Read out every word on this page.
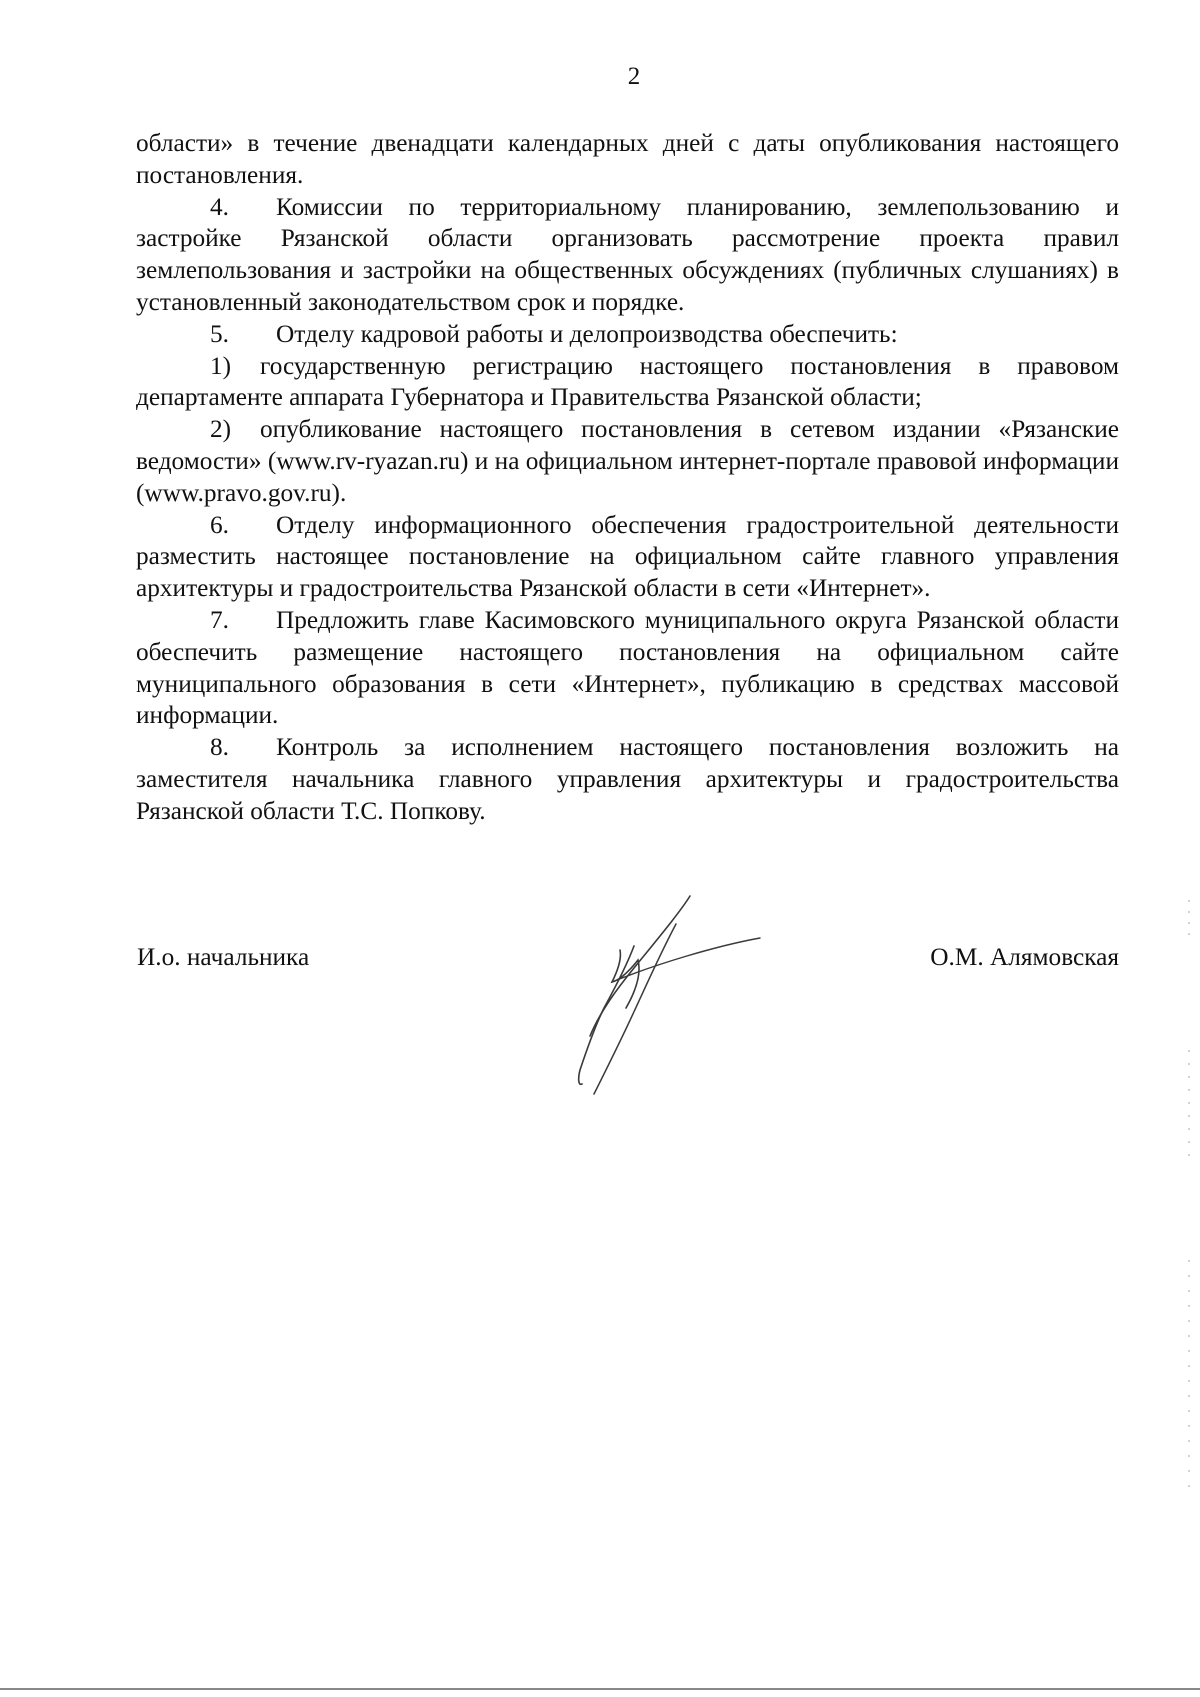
2

области» в течение двенадцати календарных дней с даты опубликования настоящего постановления.

4. Комиссии по территориальному планированию, землепользованию и застройке Рязанской области организовать рассмотрение проекта правил землепользования и застройки на общественных обсуждениях (публичных слушаниях) в установленный законодательством срок и порядке.

5. Отделу кадровой работы и делопроизводства обеспечить:

1) государственную регистрацию настоящего постановления в правовом департаменте аппарата Губернатора и Правительства Рязанской области;

2) опубликование настоящего постановления в сетевом издании «Рязанские ведомости» (www.rv-ryazan.ru) и на официальном интернет-портале правовой информации (www.pravo.gov.ru).

6. Отделу информационного обеспечения градостроительной деятельности разместить настоящее постановление на официальном сайте главного управления архитектуры и градостроительства Рязанской области в сети «Интернет».

7. Предложить главе Касимовского муниципального округа Рязанской области обеспечить размещение настоящего постановления на официальном сайте муниципального образования в сети «Интернет», публикацию в средствах массовой информации.

8. Контроль за исполнением настоящего постановления возложить на заместителя начальника главного управления архитектуры и градостроительства Рязанской области Т.С. Попкову.

И.о. начальника	О.М. Алямовская
